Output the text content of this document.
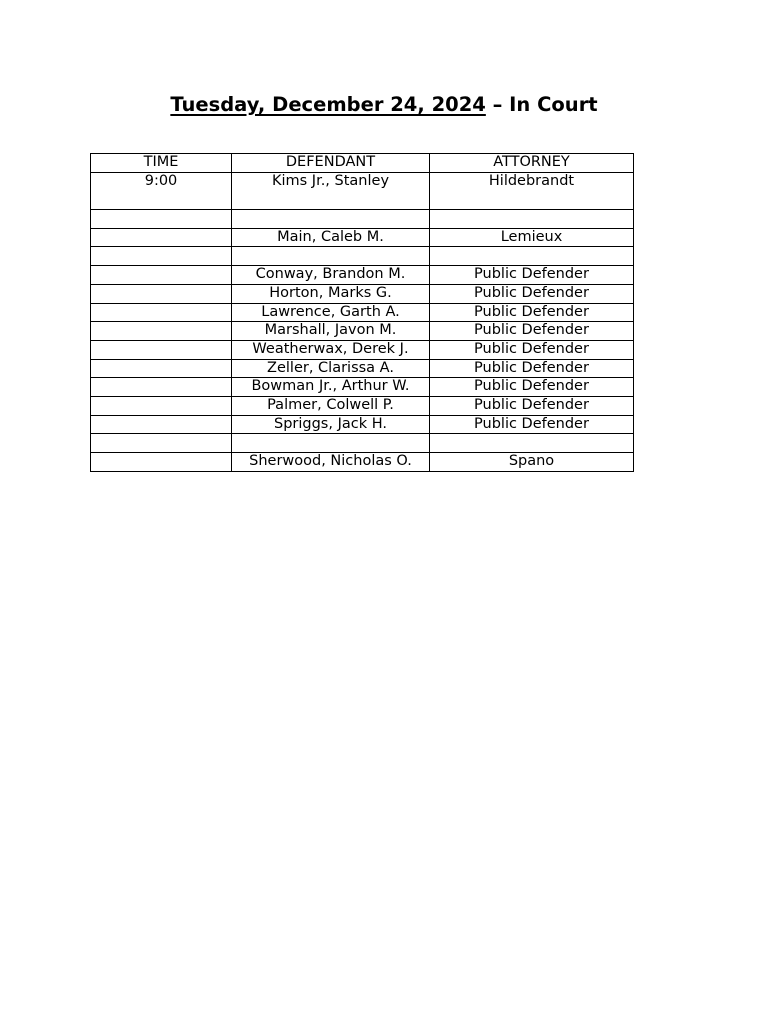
Tuesday, December 24, 2024 – In Court
TIME	DEFENDANT	ATTORNEY
9:00	Kims Jr., Stanley	Hildebrandt

	Main, Caleb M.	Lemieux

	Conway, Brandon M.	Public Defender
	Horton, Marks G.	Public Defender
	Lawrence, Garth A.	Public Defender
	Marshall, Javon M.	Public Defender
	Weatherwax, Derek J.	Public Defender
	Zeller, Clarissa A.	Public Defender
	Bowman Jr., Arthur W.	Public Defender
	Palmer, Colwell P.	Public Defender
	Spriggs, Jack H.	Public Defender

	Sherwood, Nicholas O.	Spano
